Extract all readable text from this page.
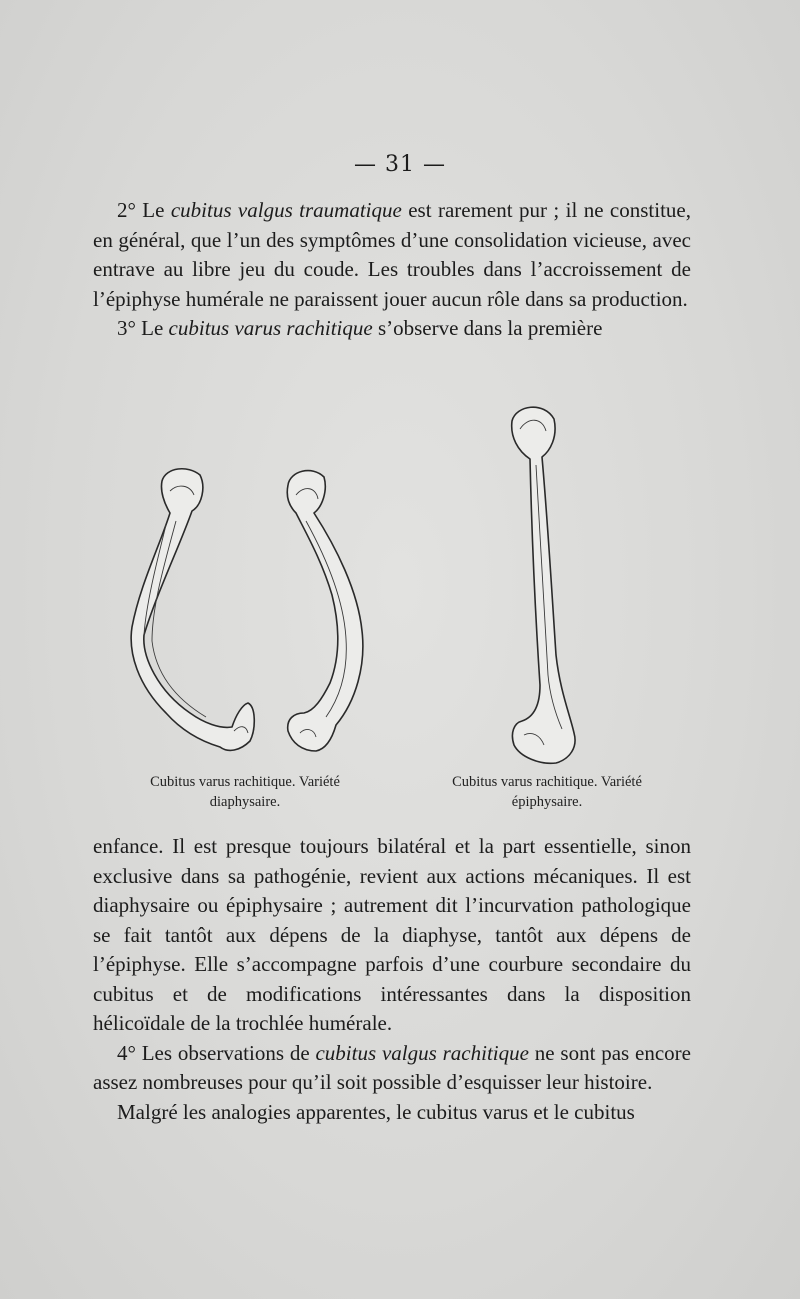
— 31 —

2° Le cubitus valgus traumatique est rarement pur ; il ne constitue, en général, que l’un des symptômes d’une consolidation vicieuse, avec entrave au libre jeu du coude. Les troubles dans l’accroissement de l’épiphyse humérale ne paraissent jouer aucun rôle dans sa production.

3° Le cubitus varus rachitique s’observe dans la première

Cubitus varus rachitique. Variété
diaphysaire.
Cubitus varus rachitique. Variété
épiphysaire.

enfance. Il est presque toujours bilatéral et la part essentielle, sinon exclusive dans sa pathogénie, revient aux actions mécaniques. Il est diaphysaire ou épiphysaire ; autrement dit l’incurvation pathologique se fait tantôt aux dépens de la diaphyse, tantôt aux dépens de l’épiphyse. Elle s’accompagne parfois d’une courbure secondaire du cubitus et de modifications intéressantes dans la disposition hélicoïdale de la trochlée humérale.

4° Les observations de cubitus valgus rachitique ne sont pas encore assez nombreuses pour qu’il soit possible d’esquisser leur histoire.

Malgré les analogies apparentes, le cubitus varus et le cubitus
